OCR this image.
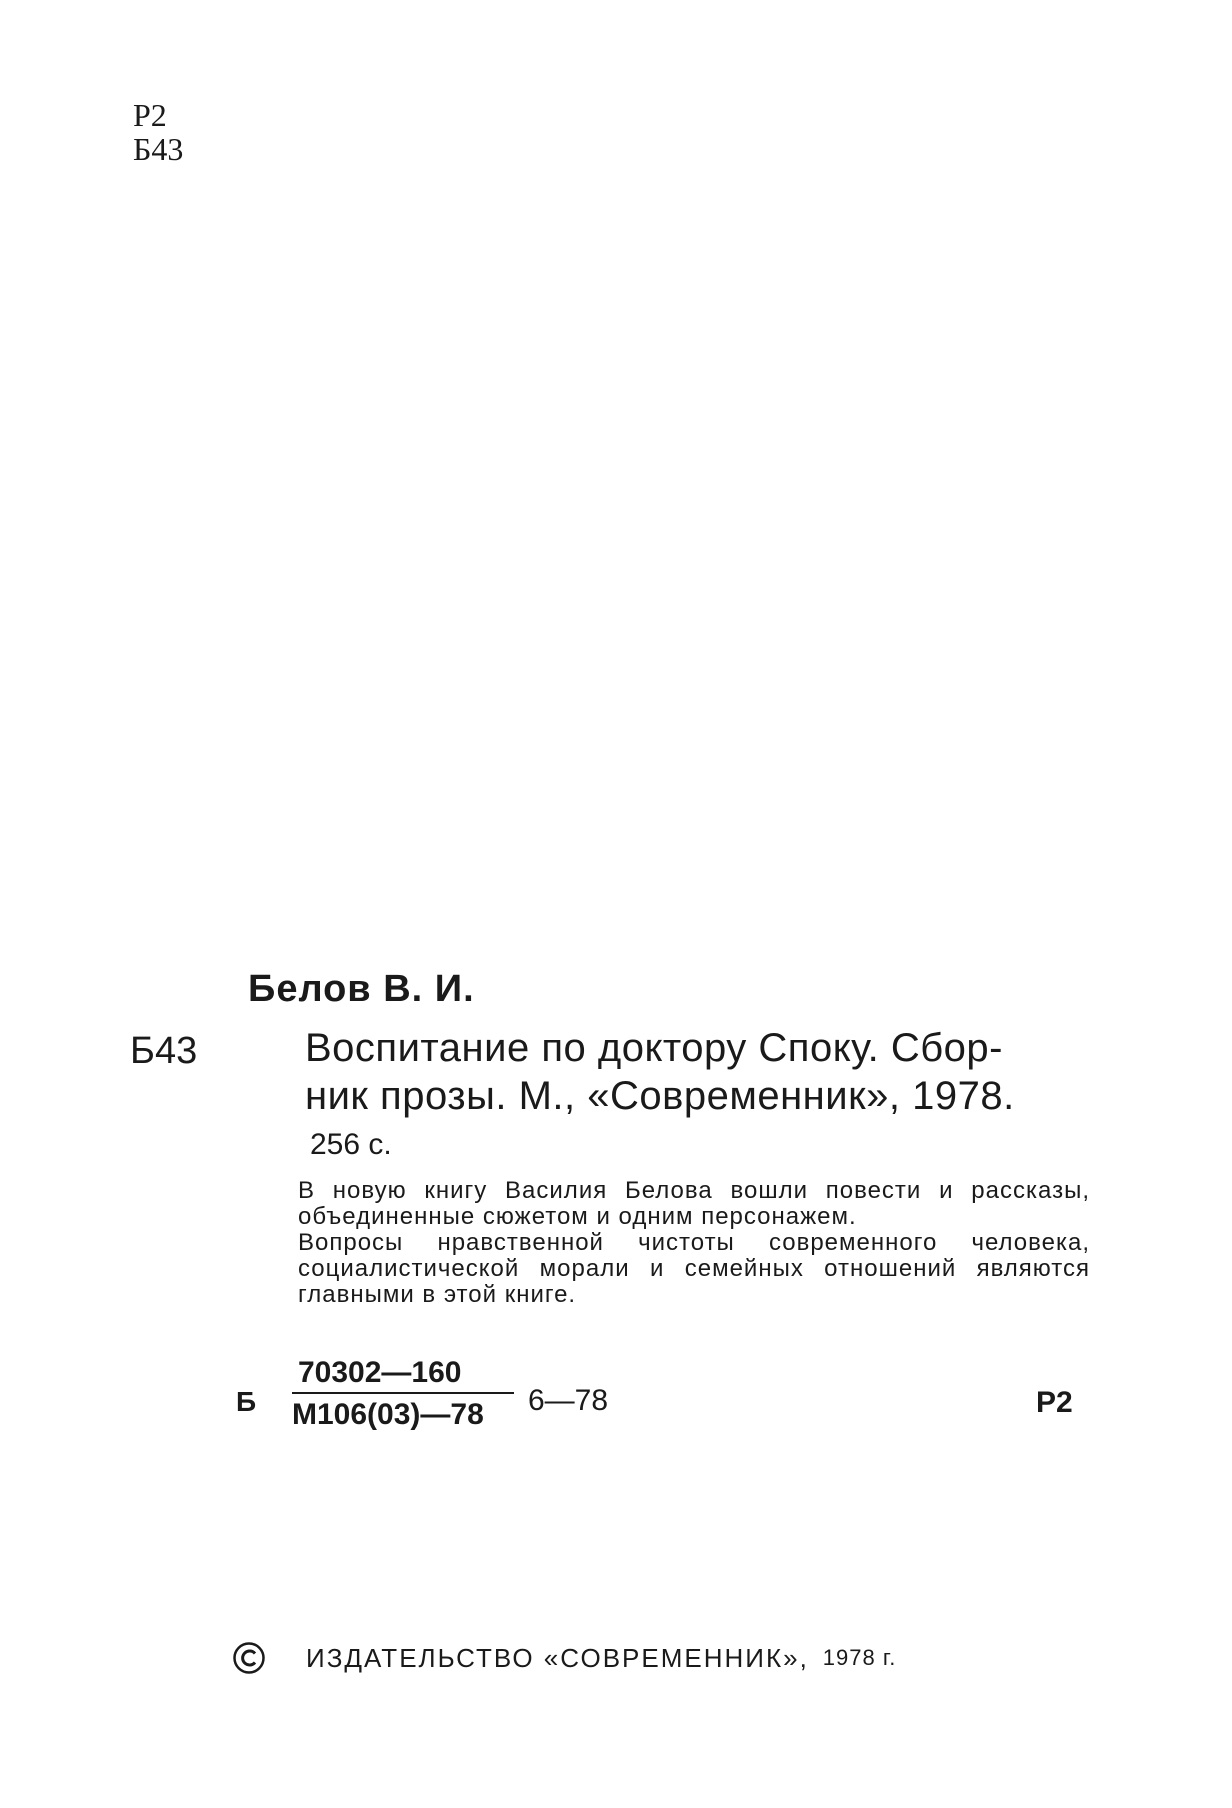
Р2
Б43
Белов В. И.
Б43	Воспитание по доктору Споку. Сбор-
ник прозы. М., «Современник», 1978.
256 с.

В новую книгу Василия Белова вошли повести и рассказы, объединенные сюжетом и одним персонажем.

Вопросы нравственной чистоты современного человека, социалистической морали и семейных отношений являются главными в этой книге.

Б
70302—160
М106(03)—78	6—78	Р2
ИЗДАТЕЛЬСТВО «СОВРЕМЕННИК», 1978 г.
